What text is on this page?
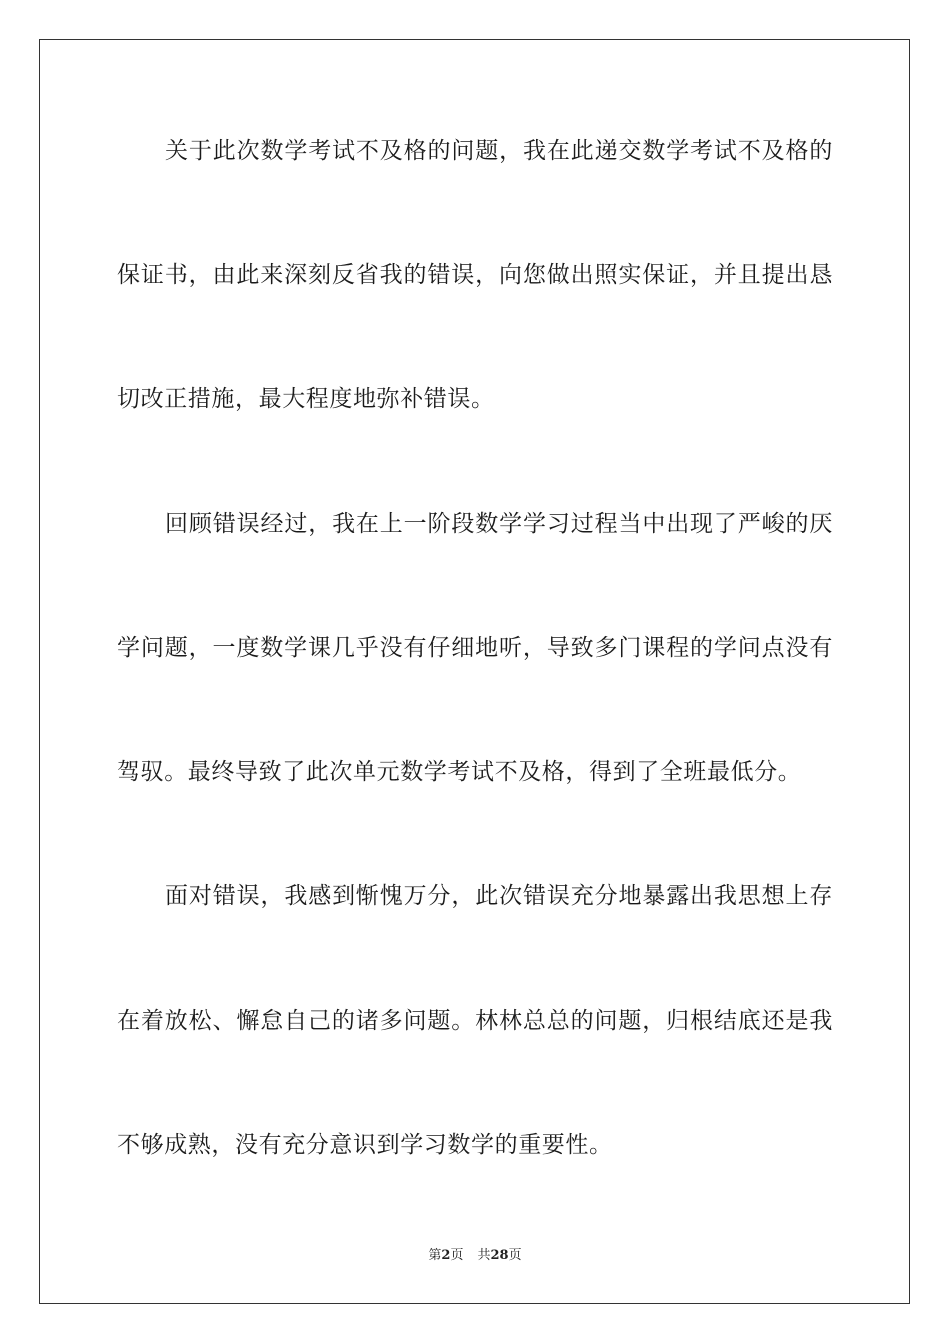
关于此次数学考试不及格的问题，我在此递交数学考试不及格的
保证书，由此来深刻反省我的错误，向您做出照实保证，并且提出恳
切改正措施，最大程度地弥补错误。
回顾错误经过，我在上一阶段数学学习过程当中出现了严峻的厌
学问题，一度数学课几乎没有仔细地听，导致多门课程的学问点没有
驾驭。最终导致了此次单元数学考试不及格，得到了全班最低分。
面对错误，我感到惭愧万分，此次错误充分地暴露出我思想上存
在着放松、懈怠自己的诸多问题。林林总总的问题，归根结底还是我
不够成熟，没有充分意识到学习数学的重要性。
第2页 共28页
